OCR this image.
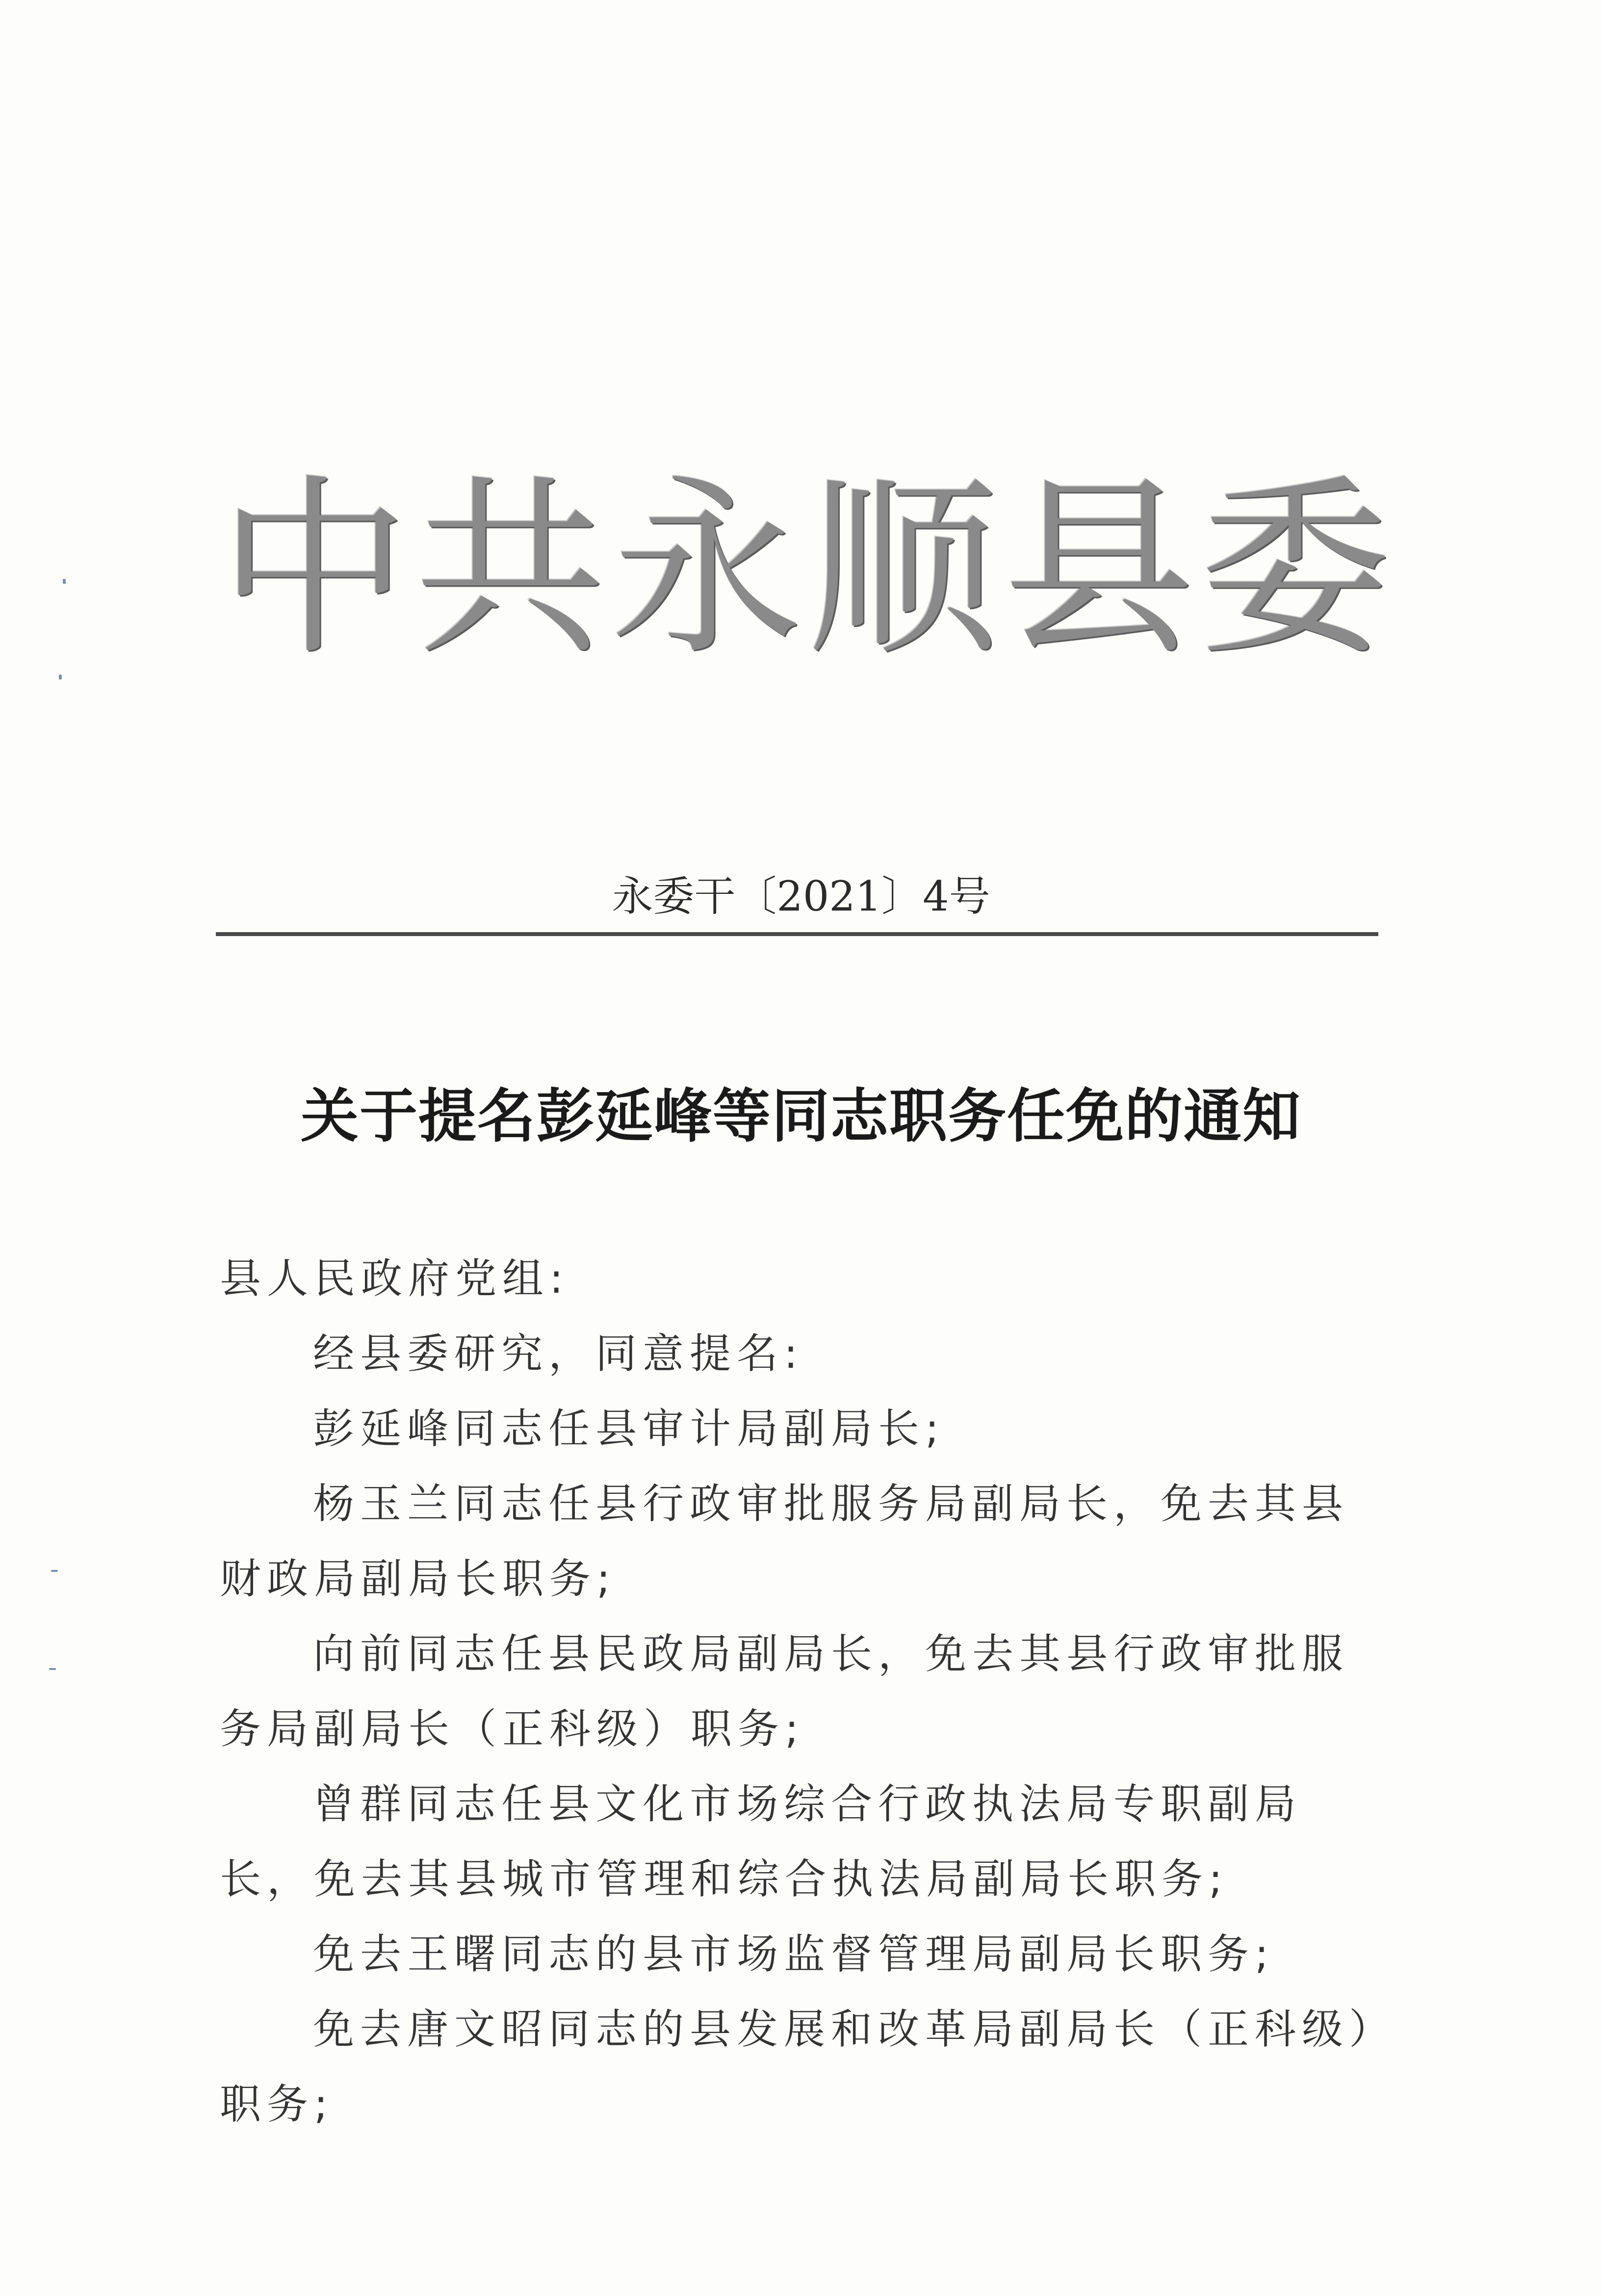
中 共 永 顺 县 委
永委干〔2021〕4号
关于提名彭延峰等同志职务任免的通知

县人民政府党组:

经县委研究，同意提名:

彭延峰同志任县审计局副局长;

杨玉兰同志任县行政审批服务局副局长，免去其县财政局副局长职务;

向前同志任县民政局副局长，免去其县行政审批服务局副局长（正科级）职务;

曾群同志任县文化市场综合行政执法局专职副局长，免去其县城市管理和综合执法局副局长职务;

免去王曙同志的县市场监督管理局副局长职务;

免去唐文昭同志的县发展和改革局副局长（正科级）职务;
